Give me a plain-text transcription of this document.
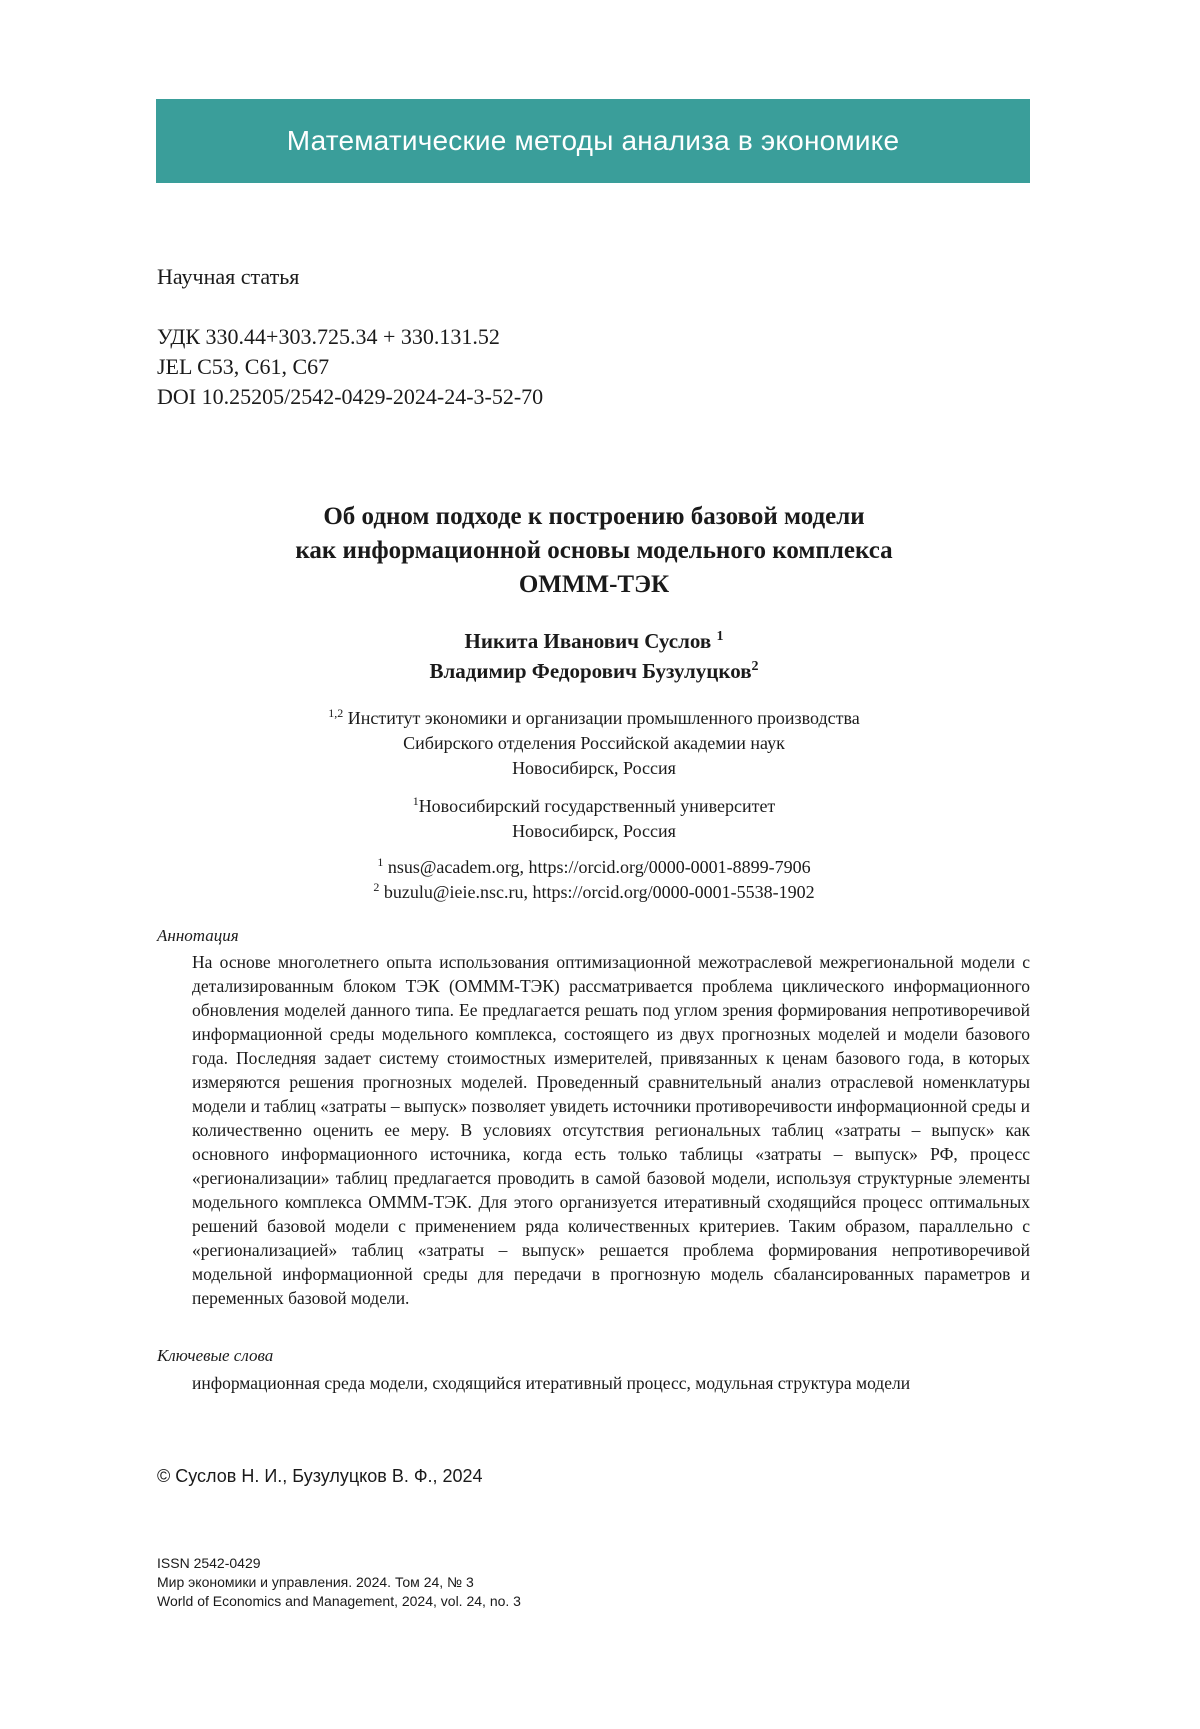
Математические методы анализа в экономике
Научная статья
УДК 330.44+303.725.34 + 330.131.52
JEL C53, C61, C67
DOI 10.25205/2542-0429-2024-24-3-52-70
Об одном подходе к построению базовой модели
как информационной основы модельного комплекса
ОМММ-ТЭК
Никита Иванович Суслов $^1$
Владимир Федорович Бузулуцков$^2$
$^{1,2}$ Институт экономики и организации промышленного производства
Сибирского отделения Российской академии наук
Новосибирск, Россия
$^1$Новосибирский государственный университет
Новосибирск, Россия
$^1$ nsus@academ.org, https://orcid.org/0000-0001-8899-7906
$^2$ buzulu@ieie.nsc.ru, https://orcid.org/0000-0001-5538-1902
Аннотация

На основе многолетнего опыта использования оптимизационной межотраслевой межрегиональной модели с детализированным блоком ТЭК (ОМММ-ТЭК) рассматривается проблема циклического информационного обновления моделей данного типа. Ее предлагается решать под углом зрения формирования непротиворечивой информационной среды модельного комплекса, состоящего из двух прогнозных моделей и модели базового года. Последняя задает систему стоимостных измерителей, привязанных к ценам базового года, в которых измеряются решения прогнозных моделей. Проведенный сравнительный анализ отраслевой номенклатуры модели и таблиц «затраты – выпуск» позволяет увидеть источники противоречивости информационной среды и количественно оценить ее меру. В условиях отсутствия региональных таблиц «затраты – выпуск» как основного информационного источника, когда есть только таблицы «затраты – выпуск» РФ, процесс «регионализации» таблиц предлагается проводить в самой базовой модели, используя структурные элементы модельного комплекса ОМММ-ТЭК. Для этого организуется итеративный сходящийся процесс оптимальных решений базовой модели с применением ряда количественных критериев. Таким образом, параллельно с «регионализацией» таблиц «затраты – выпуск» решается проблема формирования непротиворечивой модельной информационной среды для передачи в прогнозную модель сбалансированных параметров и переменных базовой модели.

Ключевые слова

информационная среда модели, сходящийся итеративный процесс, модульная структура модели

© Суслов Н. И., Бузулуцков В. Ф., 2024
ISSN 2542-0429
Мир экономики и управления. 2024. Том 24, № 3
World of Economics and Management, 2024, vol. 24, no. 3
